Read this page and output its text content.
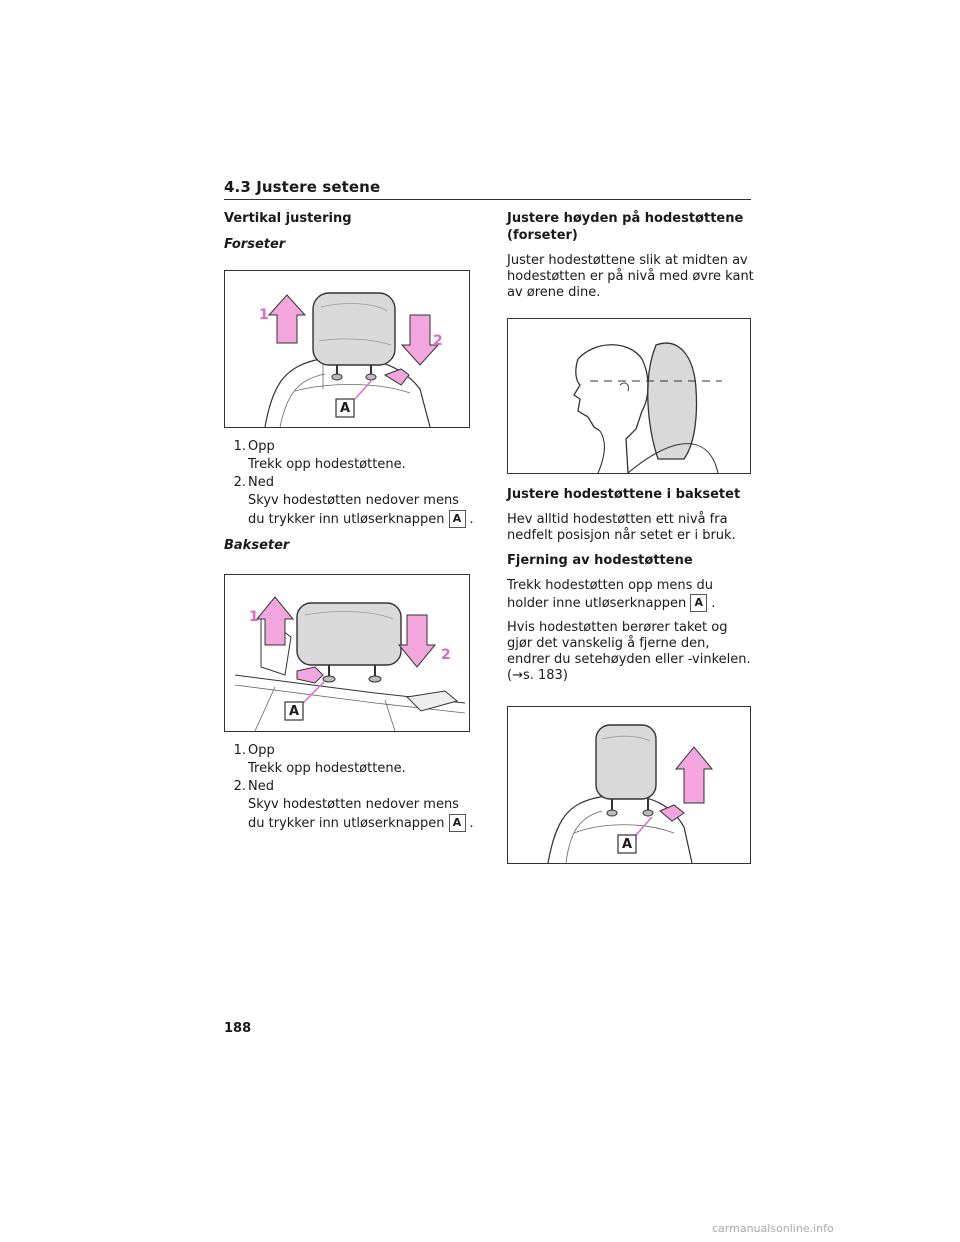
4.3 Justere setene
Vertikal justering
Forseter
1
2
A
1. Opp
Trekk opp hodestøttene.
2. Ned
Skyv hodestøtten nedover mens du trykker inn utløserknappen A .
Bakseter
1
2
A
1. Opp
Trekk opp hodestøttene.
2. Ned
Skyv hodestøtten nedover mens du trykker inn utløserknappen A .
Justere høyden på hodestøttene (forseter)

Juster hodestøttene slik at midten av hodestøtten er på nivå med øvre kant av ørene dine.

Justere hodestøttene i baksetet

Hev alltid hodestøtten ett nivå fra nedfelt posisjon når setet er i bruk.

Fjerning av hodestøttene

Trekk hodestøtten opp mens du holder inne utløserknappen A .

Hvis hodestøtten berører taket og gjør det vanskelig å fjerne den, endrer du setehøyden eller -vinkelen. (→s. 183)

A
188
carmanualsonline.info
